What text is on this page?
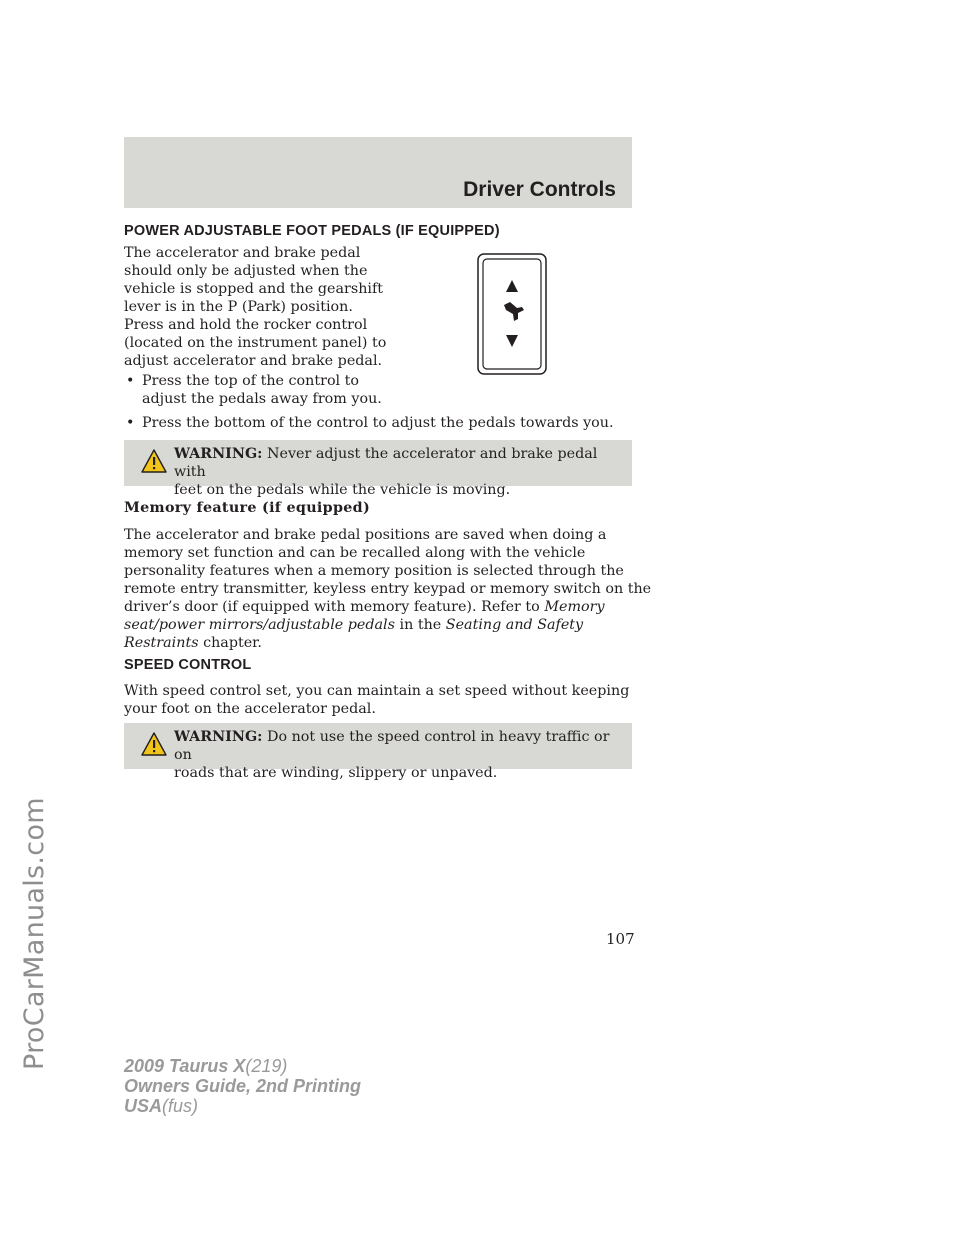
Driver Controls
ProCarManuals.com
POWER ADJUSTABLE FOOT PEDALS (IF EQUIPPED)
The accelerator and brake pedal
should only be adjusted when the
vehicle is stopped and the gearshift
lever is in the P (Park) position.
Press and hold the rocker control
(located on the instrument panel) to
adjust accelerator and brake pedal.
• Press the top of the control to
adjust the pedals away from you.
• Press the bottom of the control to adjust the pedals towards you.
WARNING: Never adjust the accelerator and brake pedal with
feet on the pedals while the vehicle is moving.
Memory feature (if equipped)
The accelerator and brake pedal positions are saved when doing a
memory set function and can be recalled along with the vehicle
personality features when a memory position is selected through the
remote entry transmitter, keyless entry keypad or memory switch on the
driver’s door (if equipped with memory feature). Refer to Memory
seat/power mirrors/adjustable pedals in the Seating and Safety
Restraints chapter.
SPEED CONTROL
With speed control set, you can maintain a set speed without keeping
your foot on the accelerator pedal.
WARNING: Do not use the speed control in heavy traffic or on
roads that are winding, slippery or unpaved.
107
2009 Taurus X(219)
Owners Guide, 2nd Printing
USA(fus)
